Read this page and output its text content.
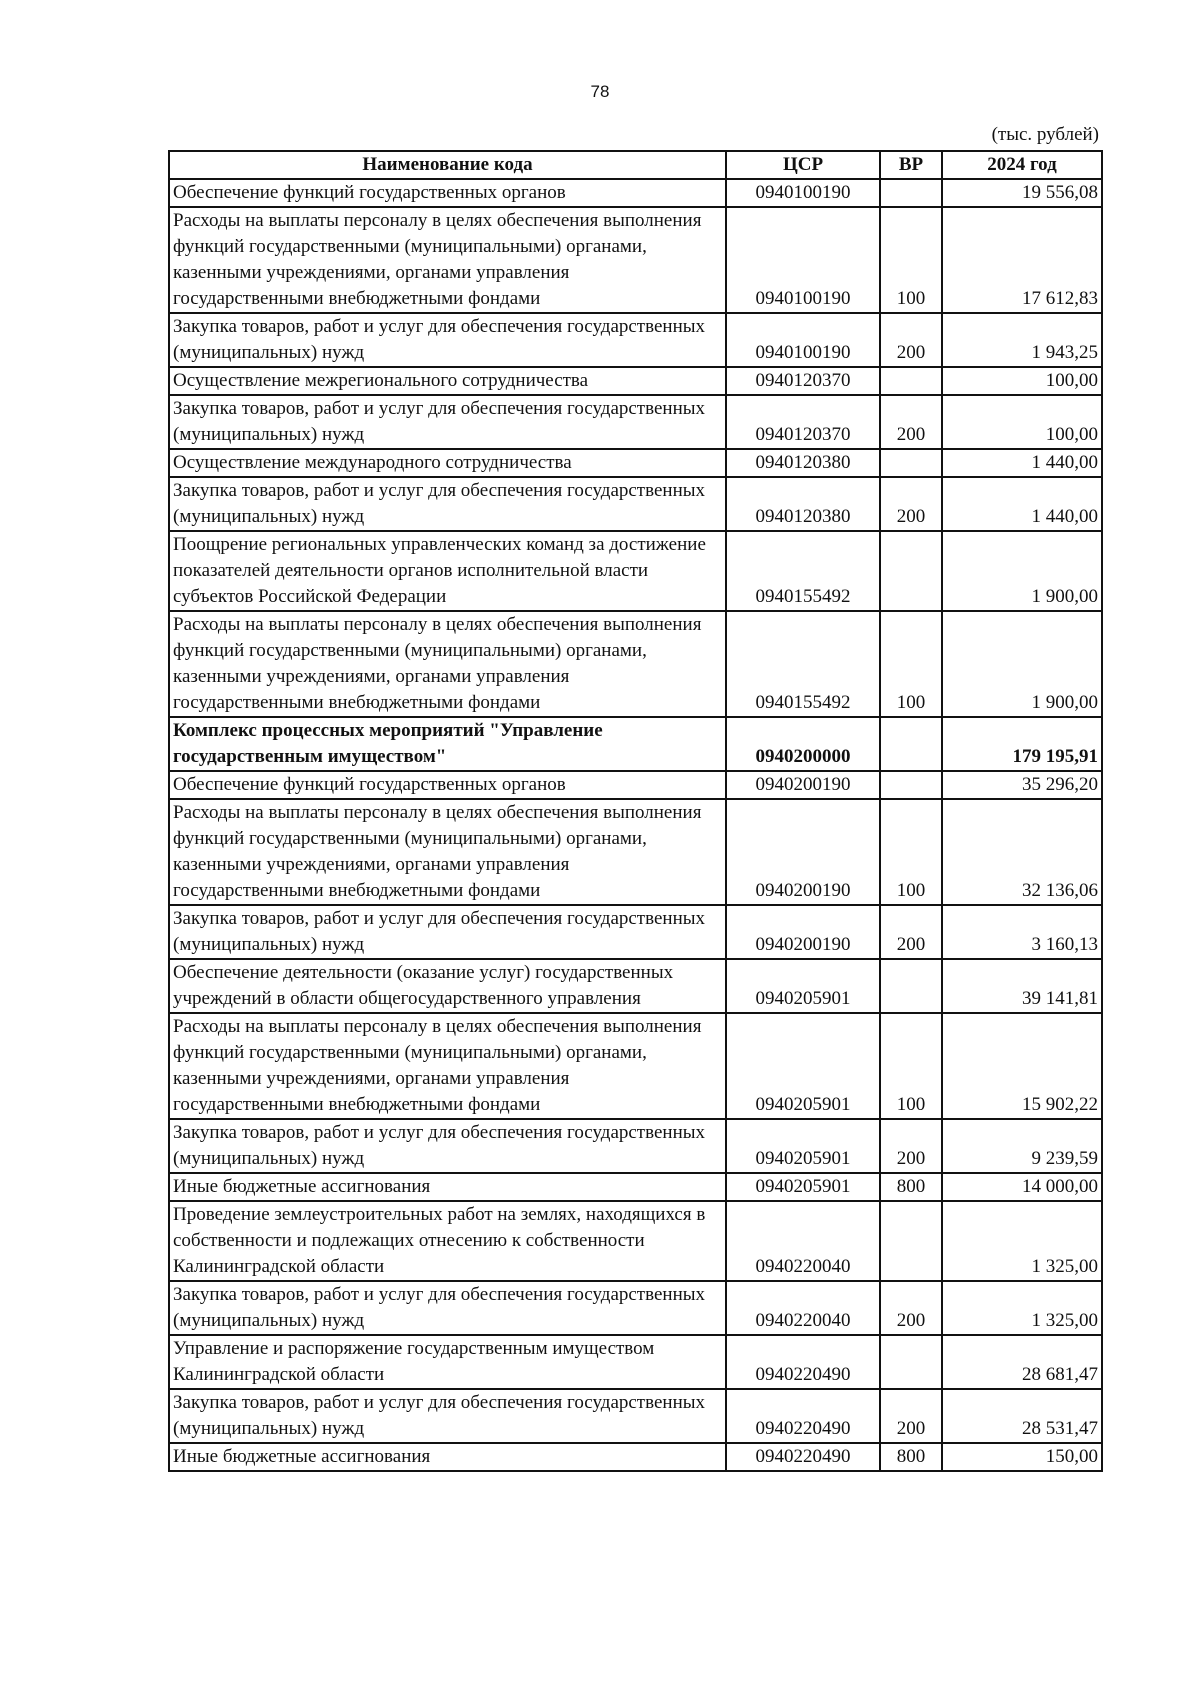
78
(тыс. рублей)
Наименование кода	ЦСР	ВР	2024 год
Обеспечение функций государственных органов	0940100190		19 556,08
Расходы на выплаты персоналу в целях обеспечения выполнения функций государственными (муниципальными) органами, казенными учреждениями, органами управления государственными внебюджетными фондами	0940100190	100	17 612,83
Закупка товаров, работ и услуг для обеспечения государственных (муниципальных) нужд	0940100190	200	1 943,25
Осуществление межрегионального сотрудничества	0940120370		100,00
Закупка товаров, работ и услуг для обеспечения государственных (муниципальных) нужд	0940120370	200	100,00
Осуществление международного сотрудничества	0940120380		1 440,00
Закупка товаров, работ и услуг для обеспечения государственных (муниципальных) нужд	0940120380	200	1 440,00
Поощрение региональных управленческих команд за достижение показателей деятельности органов исполнительной власти субъектов Российской Федерации	0940155492		1 900,00
Расходы на выплаты персоналу в целях обеспечения выполнения функций государственными (муниципальными) органами, казенными учреждениями, органами управления государственными внебюджетными фондами	0940155492	100	1 900,00
Комплекс процессных мероприятий "Управление государственным имуществом"	0940200000		179 195,91
Обеспечение функций государственных органов	0940200190		35 296,20
Расходы на выплаты персоналу в целях обеспечения выполнения функций государственными (муниципальными) органами, казенными учреждениями, органами управления государственными внебюджетными фондами	0940200190	100	32 136,06
Закупка товаров, работ и услуг для обеспечения государственных (муниципальных) нужд	0940200190	200	3 160,13
Обеспечение деятельности (оказание услуг) государственных учреждений в области общегосударственного управления	0940205901		39 141,81
Расходы на выплаты персоналу в целях обеспечения выполнения функций государственными (муниципальными) органами, казенными учреждениями, органами управления государственными внебюджетными фондами	0940205901	100	15 902,22
Закупка товаров, работ и услуг для обеспечения государственных (муниципальных) нужд	0940205901	200	9 239,59
Иные бюджетные ассигнования	0940205901	800	14 000,00
Проведение землеустроительных работ на землях, находящихся в собственности и подлежащих отнесению к собственности Калининградской области	0940220040		1 325,00
Закупка товаров, работ и услуг для обеспечения государственных (муниципальных) нужд	0940220040	200	1 325,00
Управление и распоряжение государственным имуществом Калининградской области	0940220490		28 681,47
Закупка товаров, работ и услуг для обеспечения государственных (муниципальных) нужд	0940220490	200	28 531,47
Иные бюджетные ассигнования	0940220490	800	150,00
